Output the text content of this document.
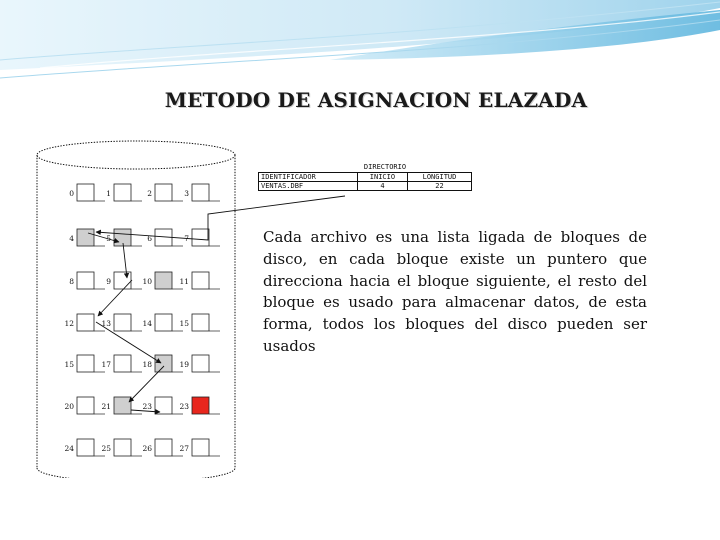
METODO DE ASIGNACION ELAZADA
0	1	2	3
4	5	6	7
8	9	10	11
12	13	14	15
15	17	18	19
20	21	23	23
24	25	26	27
DIRECTORIO
IDENTIFICADOR	INICIO	LONGITUD
VENTAS.DBF	4	22
Cada archivo es una lista ligada de bloques de disco, en cada bloque existe un puntero que direcciona hacia el bloque siguiente, el resto del bloque es usado para almacenar datos, de esta forma, todos los bloques del disco pueden ser usados
